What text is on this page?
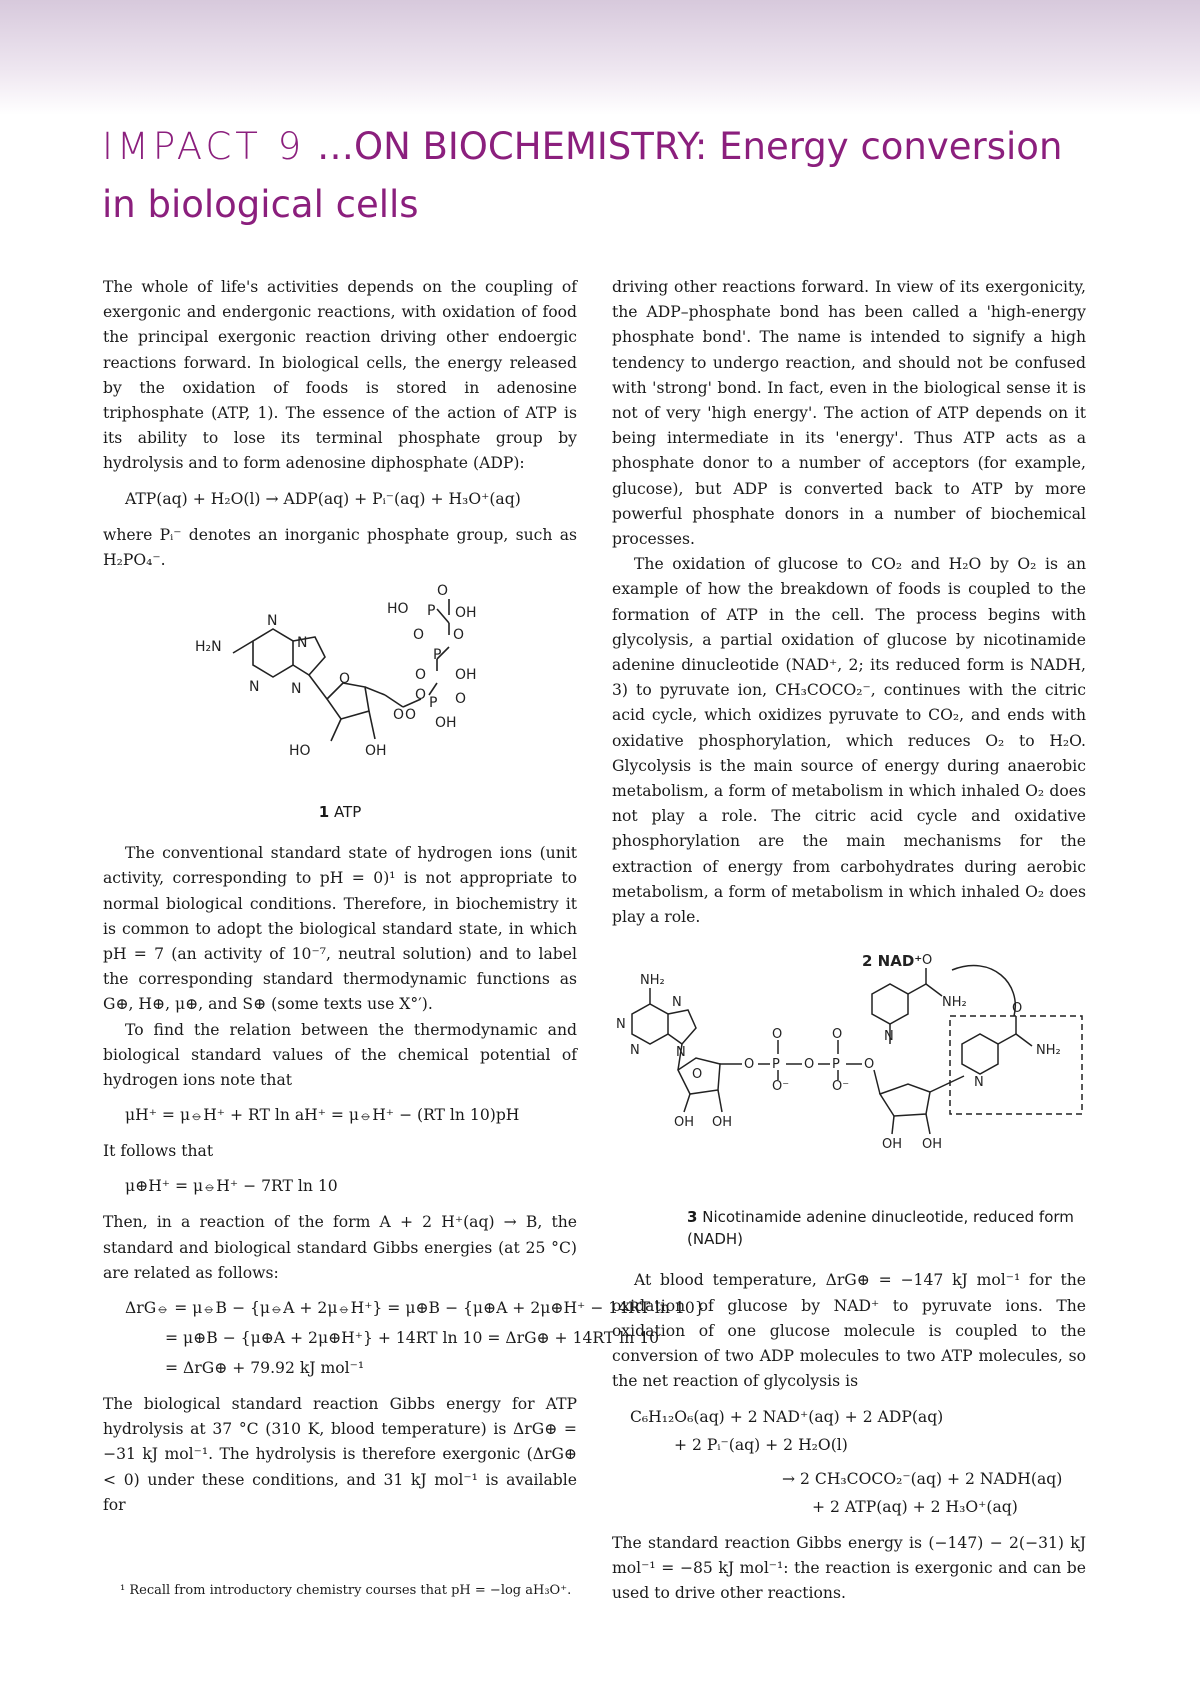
IMPACT 9 …ON BIOCHEMISTRY: Energy conversion in biological cells

The whole of life's activities depends on the coupling of exergonic and endergonic reactions, with oxidation of food the principal exergonic reaction driving other endoergic reactions forward. In biological cells, the energy released by the oxidation of foods is stored in adenosine triphosphate (ATP, 1). The essence of the action of ATP is its ability to lose its terminal phosphate group by hydrolysis and to form adenosine diphosphate (ADP):

ATP(aq) + H₂O(l) → ADP(aq) + Pᵢ⁻(aq) + H₃O⁺(aq)

where Pᵢ⁻ denotes an inorganic phosphate group, such as H₂PO₄⁻.

O
HO P OH
N
O O
H₂N	N
P
O OH
O
N N	O
O
P O
O OH
HO	OH
1 ATP

The conventional standard state of hydrogen ions (unit activity, corresponding to pH = 0)¹ is not appropriate to normal biological conditions. Therefore, in biochemistry it is common to adopt the biological standard state, in which pH = 7 (an activity of 10⁻⁷, neutral solution) and to label the corresponding standard thermodynamic functions as G⊕, H⊕, μ⊕, and S⊕ (some texts use X°′).

To find the relation between the thermodynamic and biological standard values of the chemical potential of hydrogen ions note that

μH⁺ = μ⦵H⁺ + RT ln aH⁺ = μ⦵H⁺ − (RT ln 10)pH

It follows that

μ⊕H⁺ = μ⦵H⁺ − 7RT ln 10

Then, in a reaction of the form A + 2 H⁺(aq) → B, the standard and biological standard Gibbs energies (at 25 °C) are related as follows:

ΔrG⦵ = μ⦵B − {μ⦵A + 2μ⦵H⁺} = μ⊕B − {μ⊕A + 2μ⊕H⁺ − 14RT ln 10}
= μ⊕B − {μ⊕A + 2μ⊕H⁺} + 14RT ln 10 = ΔrG⊕ + 14RT ln 10
= ΔrG⊕ + 79.92 kJ mol⁻¹

The biological standard reaction Gibbs energy for ATP hydrolysis at 37 °C (310 K, blood temperature) is ΔrG⊕ = −31 kJ mol⁻¹. The hydrolysis is therefore exergonic (ΔrG⊕ < 0) under these conditions, and 31 kJ mol⁻¹ is available for

driving other reactions forward. In view of its exergonicity, the ADP–phosphate bond has been called a 'high-energy phosphate bond'. The name is intended to signify a high tendency to undergo reaction, and should not be confused with 'strong' bond. In fact, even in the biological sense it is not of very 'high energy'. The action of ATP depends on it being intermediate in its 'energy'. Thus ATP acts as a phosphate donor to a number of acceptors (for example, glucose), but ADP is converted back to ATP by more powerful phosphate donors in a number of biochemical processes.

The oxidation of glucose to CO₂ and H₂O by O₂ is an example of how the breakdown of foods is coupled to the formation of ATP in the cell. The process begins with glycolysis, a partial oxidation of glucose by nicotinamide adenine dinucleotide (NAD⁺, 2; its reduced form is NADH, 3) to pyruvate ion, CH₃COCO₂⁻, continues with the citric acid cycle, which oxidizes pyruvate to CO₂, and ends with oxidative phosphorylation, which reduces O₂ to H₂O. Glycolysis is the main source of energy during anaerobic metabolism, a form of metabolism in which inhaled O₂ does not play a role. The citric acid cycle and oxidative phosphorylation are the main mechanisms for the extraction of energy from carbohydrates during aerobic metabolism, a form of metabolism in which inhaled O₂ does play a role.

2 NAD⁺ O
N
NH₂
NH₂
N
N
N	N
O
O
O	O
P	P
O
O⁻	O⁻
O
N
NH₂
O
OH OH
OH OH
3 Nicotinamide adenine dinucleotide, reduced form (NADH)

At blood temperature, ΔrG⊕ = −147 kJ mol⁻¹ for the oxidation of glucose by NAD⁺ to pyruvate ions. The oxidation of one glucose molecule is coupled to the conversion of two ADP molecules to two ATP molecules, so the net reaction of glycolysis is

C₆H₁₂O₆(aq) + 2 NAD⁺(aq) + 2 ADP(aq)
+ 2 Pᵢ⁻(aq) + 2 H₂O(l)
→ 2 CH₃COCO₂⁻(aq) + 2 NADH(aq)
+ 2 ATP(aq) + 2 H₃O⁺(aq)

The standard reaction Gibbs energy is (−147) − 2(−31) kJ mol⁻¹ = −85 kJ mol⁻¹: the reaction is exergonic and can be used to drive other reactions.

¹ Recall from introductory chemistry courses that pH = −log aH₃O⁺.
